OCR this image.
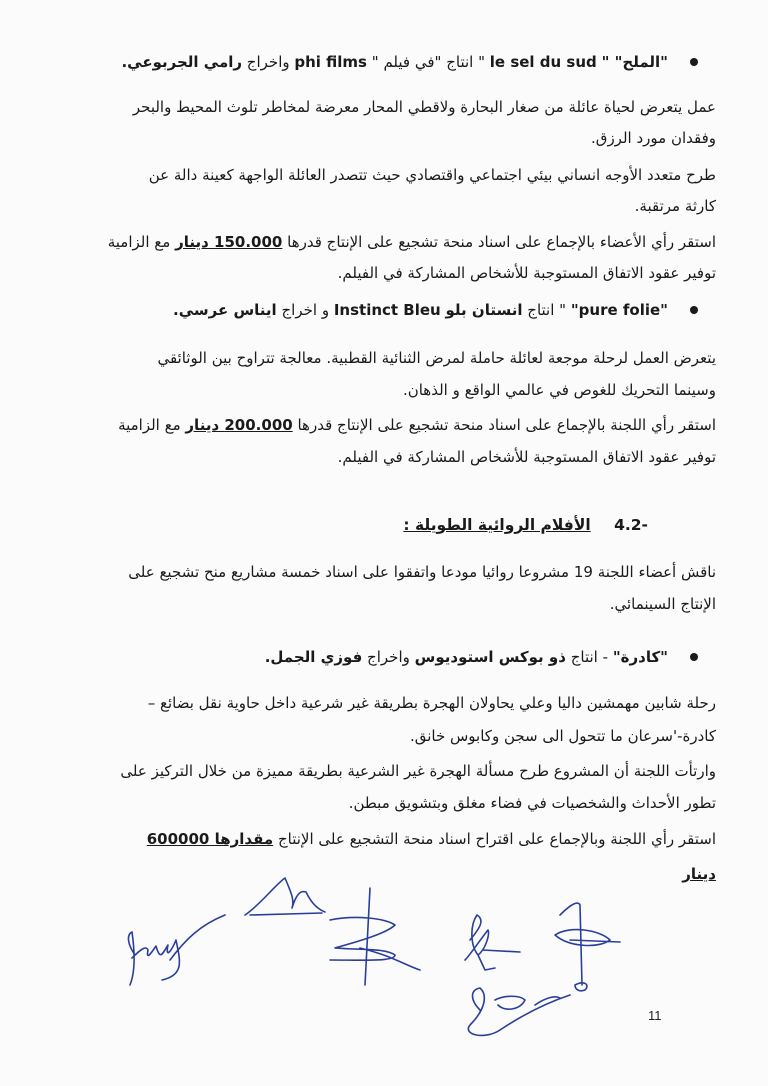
"الملح" " le sel du sud " انتاج "في فيلم " phi films واخراج رامي الجربوعي.
عمل يتعرض لحياة عائلة من صغار البحارة ولاقطي المحار معرضة لمخاطر تلوث المحيط والبحر
وفقدان مورد الرزق.
طرح متعدد الأوجه انساني بيئي اجتماعي واقتصادي حيث تتصدر العائلة الواجهة كعينة دالة عن
كارثة مرتقبة.
استقر رأي الأعضاء بالإجماع على اسناد منحة تشجيع على الإنتاج قدرها 150.000 دينار مع الزامية
توفير عقود الاتفاق المستوجبة للأشخاص المشاركة في الفيلم.
"pure folie" " انتاج انستان بلو Instinct Bleu و اخراج ايناس عرسي.
يتعرض العمل لرحلة موجعة لعائلة حاملة لمرض الثنائية القطبية. معالجة تتراوح بين الوثائقي
وسينما التحريك للغوص في عالمي الواقع و الذهان.
استقر رأي اللجنة بالإجماع على اسناد منحة تشجيع على الإنتاج قدرها 200.000 دينار مع الزامية
توفير عقود الاتفاق المستوجبة للأشخاص المشاركة في الفيلم.
4.2- الأفلام الروائية الطويلة :
ناقش أعضاء اللجنة 19 مشروعا روائيا مودعا واتفقوا على اسناد خمسة مشاريع منح تشجيع على
الإنتاج السينمائي.
"كادرة" - انتاج ذو بوكس استوديوس واخراج فوزي الجمل.
رحلة شابين مهمشين داليا وعلي يحاولان الهجرة بطريقة غير شرعية داخل حاوية نقل بضائع –
كادرة-'سرعان ما تتحول الى سجن وكابوس خانق.
وارتأت اللجنة أن المشروع طرح مسألة الهجرة غير الشرعية بطريقة مميزة من خلال التركيز على
تطور الأحداث والشخصيات في فضاء مغلق وبتشويق مبطن.
استقر رأي اللجنة وبالإجماع على اقتراح اسناد منحة التشجيع على الإنتاج مقدارها 600000
دينار
11
